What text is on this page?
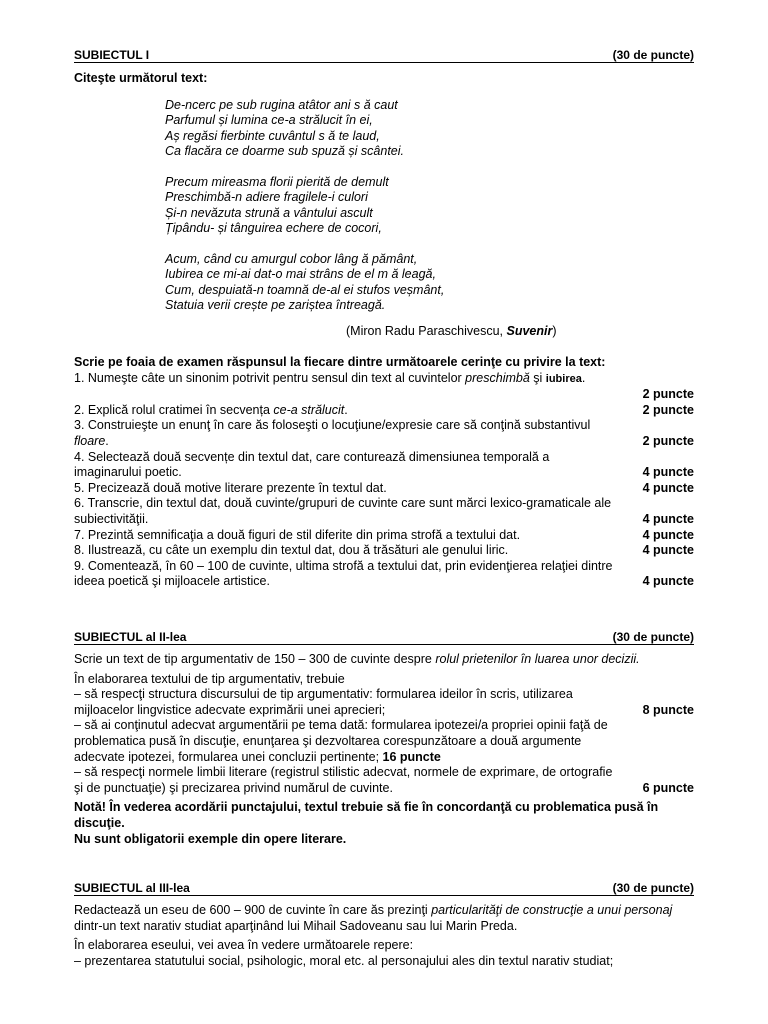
SUBIECTUL I	(30 de puncte)
Citeşte următorul text:
De-ncerc pe sub rugina atâtor ani s ă caut
Parfumul și lumina ce-a strălucit în ei,
Aș regăsi fierbinte cuvântul s ă te laud,
Ca flacăra ce doarme sub spuză și scântei.
Precum mireasma florii pierită de demult
Preschimbă-n adiere fragilele-i culori
Și-n nevăzuta strună a vântului ascult
Țipându- și tânguirea echere de cocori,
Acum, când cu amurgul cobor lâng ă pământ,
Iubirea ce mi-ai dat-o mai strâns de el m ă leagă,
Cum, despuiată-n toamnă de-al ei stufos veșmânt,
Statuia verii crește pe zariștea întreagă.
(Miron Radu Paraschivescu, Suvenir)
Scrie pe foaia de examen răspunsul la fiecare dintre următoarele cerinţe cu privire la text:
1. Numeşte câte un sinonim potrivit pentru sensul din text al cuvintelor preschimbă şi iubirea.
2 puncte
2. Explică rolul cratimei în secvența ce-a strălucit.	2 puncte
3. Construieşte un enunţ în care ăs foloseşti o locuţiune/expresie care să conţină substantivul
floare.	2 puncte
4. Selectează două secvențe din textul dat, care conturează dimensiunea temporală a
imaginarului poetic.	4 puncte
5. Precizează două motive literare prezente în textul dat.	4 puncte
6. Transcrie, din textul dat, două cuvinte/grupuri de cuvinte care sunt mărci lexico-gramaticale ale
subiectivităţii.	4 puncte
7. Prezintă semnificaţia a două figuri de stil diferite din prima strofă a textului dat.	4 puncte
8. Ilustrează, cu câte un exemplu din textul dat, dou ă trăsături ale genului liric.	4 puncte
9. Comentează, în 60 – 100 de cuvinte, ultima strofă a textului dat, prin evidenţierea relaţiei dintre
ideea poetică şi mijloacele artistice.	4 puncte
SUBIECTUL al II-lea	(30 de puncte)
Scrie un text de tip argumentativ de 150 – 300 de cuvinte despre rolul prietenilor în luarea unor decizii.
În elaborarea textului de tip argumentativ, trebuie
– să respecţi structura discursului de tip argumentativ: formularea ideilor în scris, utilizarea
mijloacelor lingvistice adecvate exprimării unei aprecieri;	8 puncte
– să ai conţinutul adecvat argumentării pe tema dată: formularea ipotezei/a propriei opinii faţă de
problematica pusă în discuţie, enunţarea şi dezvoltarea corespunzătoare a două argumente
adecvate ipotezei, formularea unei concluzii pertinente; 16 puncte
– să respecţi normele limbii literare (registrul stilistic adecvat, normele de exprimare, de ortografie
şi de punctuaţie) şi precizarea privind numărul de cuvinte.	6 puncte
Notă! În vederea acordării punctajului, textul trebuie să fie în concordanţă cu problematica pusă în discuţie.
Nu sunt obligatorii exemple din opere literare.
SUBIECTUL al III-lea	(30 de puncte)
Redactează un eseu de 600 – 900 de cuvinte în care ăs prezinţi particularităţi de construcţie a unui personaj dintr-un text narativ studiat aparţinând lui Mihail Sadoveanu sau lui Marin Preda.
În elaborarea eseului, vei avea în vedere următoarele repere:
– prezentarea statutului social, psihologic, moral etc. al personajului ales din textul narativ studiat;
